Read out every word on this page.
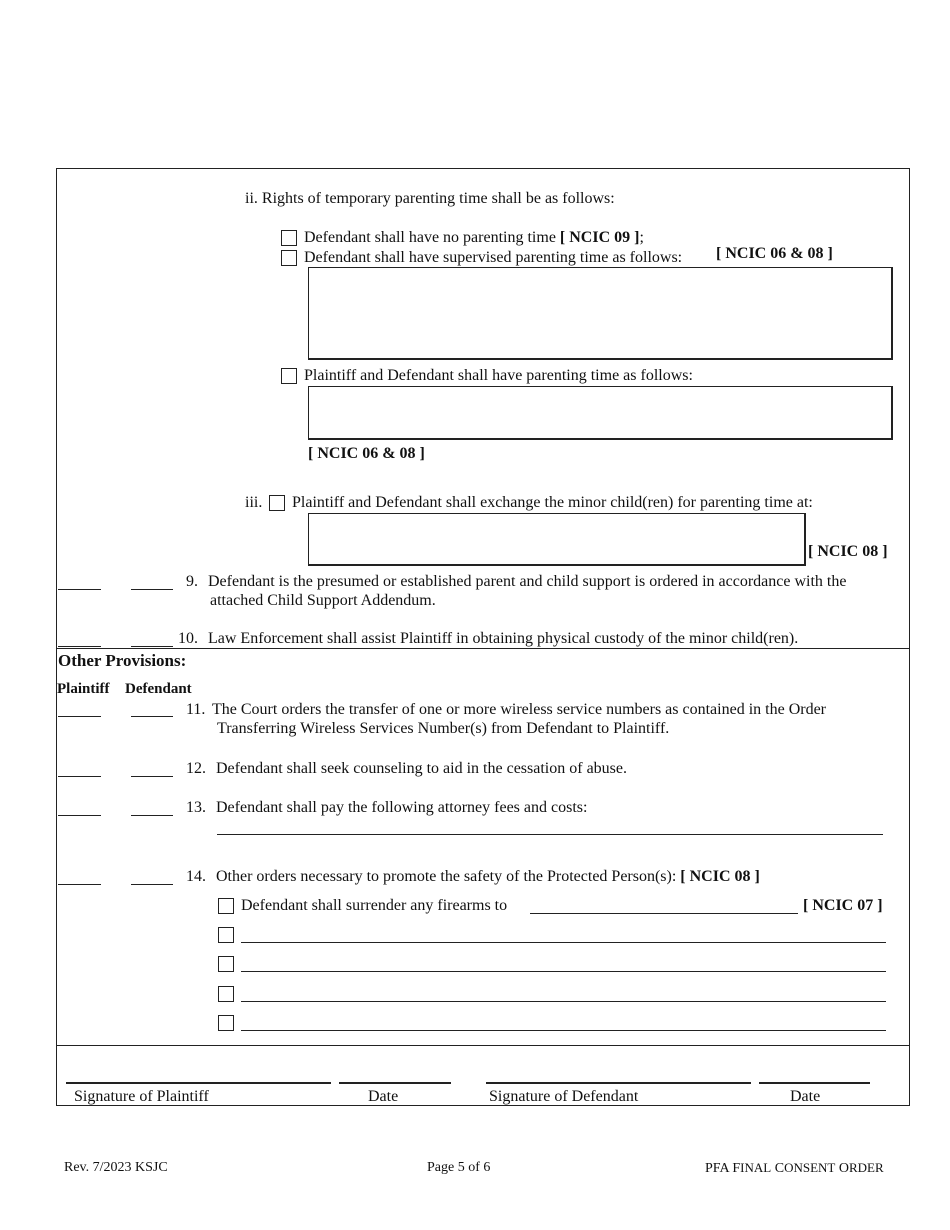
ii. Rights of temporary parenting time shall be as follows:
Defendant shall have no parenting time [ NCIC 09 ];
Defendant shall have supervised parenting time as follows: [ NCIC 06 & 08 ]
Plaintiff and Defendant shall have parenting time as follows:
[ NCIC 06 & 08 ]
iii. Plaintiff and Defendant shall exchange the minor child(ren) for parenting time at:
[ NCIC 08 ]
9. Defendant is the presumed or established parent and child support is ordered in accordance with the
attached Child Support Addendum.
10. Law Enforcement shall assist Plaintiff in obtaining physical custody of the minor child(ren).
Other Provisions:
Plaintiff Defendant
11. The Court orders the transfer of one or more wireless service numbers as contained in the Order
Transferring Wireless Services Number(s) from Defendant to Plaintiff.
12. Defendant shall seek counseling to aid in the cessation of abuse.
13. Defendant shall pay the following attorney fees and costs:
14. Other orders necessary to promote the safety of the Protected Person(s): [ NCIC 08 ]
Defendant shall surrender any firearms to	[ NCIC 07 ]
Signature of Plaintiff	Date	Signature of Defendant	Date
Rev. 7/2023 KSJC	Page 5 of 6	PFA FINAL CONSENT ORDER
